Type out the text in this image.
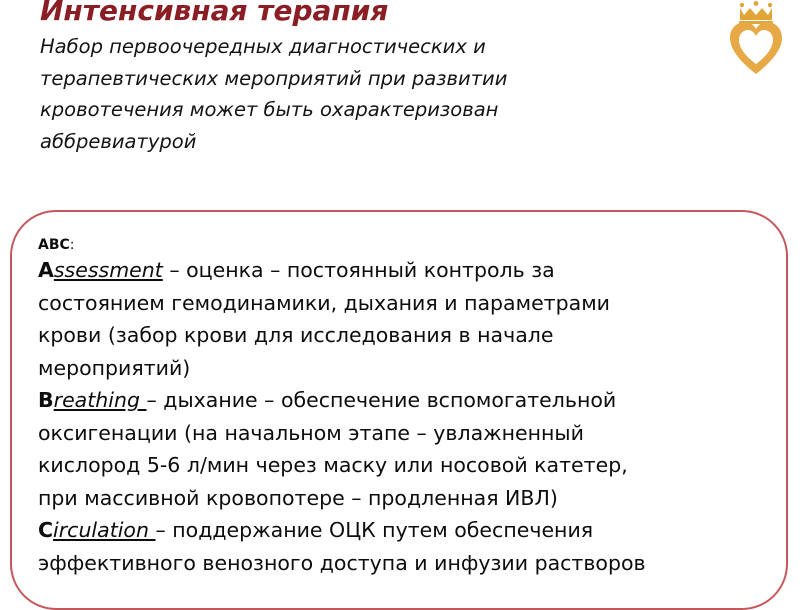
Интенсивная терапия
Набор первоочередных диагностических и
терапевтических мероприятий при развитии
кровотечения может быть охарактеризован
аббревиатурой
ABC:
Assessment – оценка – постоянный контроль за
состоянием гемодинамики, дыхания и параметрами
крови (забор крови для исследования в начале
мероприятий)
Breathing – дыхание – обеспечение вспомогательной
оксигенации (на начальном этапе – увлажненный
кислород 5-6 л/мин через маску или носовой катетер,
при массивной кровопотере – продленная ИВЛ)
Circulation – поддержание ОЦК путем обеспечения
эффективного венозного доступа и инфузии растворов
